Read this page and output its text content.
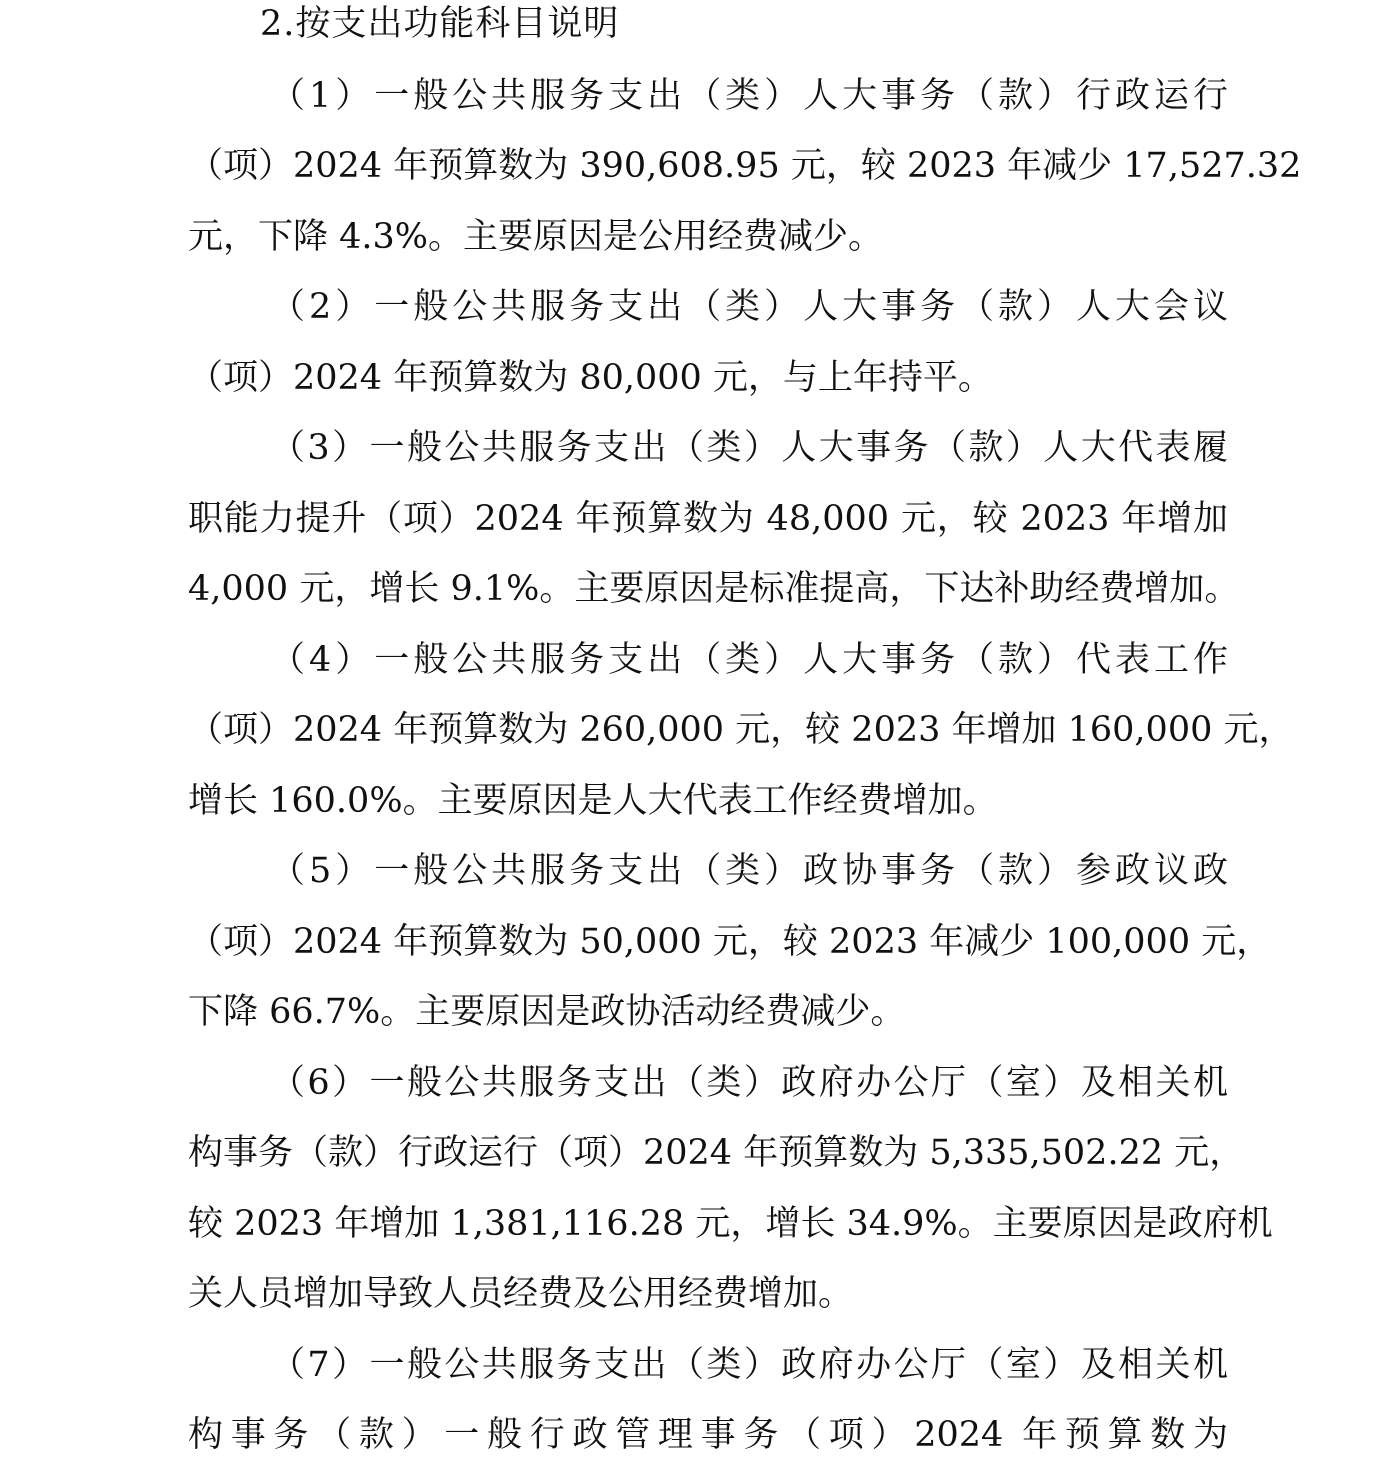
2.按支出功能科目说明
（1）一般公共服务支出（类）人大事务（款）行政运行
（项）2024 年预算数为 390,608.95 元，较 2023 年减少 17,527.32
元，下降 4.3%。主要原因是公用经费减少。
（2）一般公共服务支出（类）人大事务（款）人大会议
（项）2024 年预算数为 80,000 元，与上年持平。
（3）一般公共服务支出（类）人大事务（款）人大代表履
职能力提升（项）2024 年预算数为 48,000 元，较 2023 年增加
4,000 元，增长 9.1%。主要原因是标准提高，下达补助经费增加。
（4）一般公共服务支出（类）人大事务（款）代表工作
（项）2024 年预算数为 260,000 元，较 2023 年增加 160,000 元，
增长 160.0%。主要原因是人大代表工作经费增加。
（5）一般公共服务支出（类）政协事务（款）参政议政
（项）2024 年预算数为 50,000 元，较 2023 年减少 100,000 元，
下降 66.7%。主要原因是政协活动经费减少。
（6）一般公共服务支出（类）政府办公厅（室）及相关机
构事务（款）行政运行（项）2024 年预算数为 5,335,502.22 元，
较 2023 年增加 1,381,116.28 元，增长 34.9%。主要原因是政府机
关人员增加导致人员经费及公用经费增加。
（7）一般公共服务支出（类）政府办公厅（室）及相关机
构事务（款）一般行政管理事务（项）2024 年预算数为
